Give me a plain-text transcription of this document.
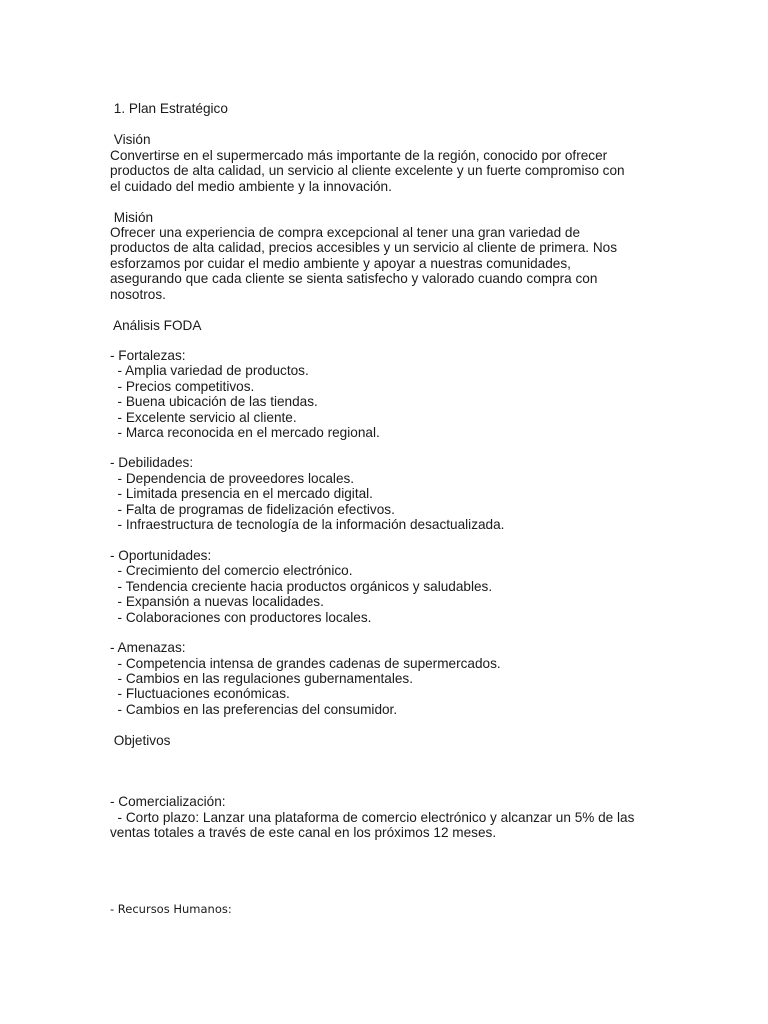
1. Plan Estratégico

Visión

Convertirse en el supermercado más importante de la región, conocido por ofrecer

productos de alta calidad, un servicio al cliente excelente y un fuerte compromiso con

el cuidado del medio ambiente y la innovación.

Misión

Ofrecer una experiencia de compra excepcional al tener una gran variedad de

productos de alta calidad, precios accesibles y un servicio al cliente de primera. Nos

esforzamos por cuidar el medio ambiente y apoyar a nuestras comunidades,

asegurando que cada cliente se sienta satisfecho y valorado cuando compra con

nosotros.

Análisis FODA

- Fortalezas:

- Amplia variedad de productos.

- Precios competitivos.

- Buena ubicación de las tiendas.

- Excelente servicio al cliente.

- Marca reconocida en el mercado regional.

- Debilidades:

- Dependencia de proveedores locales.

- Limitada presencia en el mercado digital.

- Falta de programas de fidelización efectivos.

- Infraestructura de tecnología de la información desactualizada.

- Oportunidades:

- Crecimiento del comercio electrónico.

- Tendencia creciente hacia productos orgánicos y saludables.

- Expansión a nuevas localidades.

- Colaboraciones con productores locales.

- Amenazas:

- Competencia intensa de grandes cadenas de supermercados.

- Cambios en las regulaciones gubernamentales.

- Fluctuaciones económicas.

- Cambios en las preferencias del consumidor.

Objetivos

- Comercialización:

- Corto plazo: Lanzar una plataforma de comercio electrónico y alcanzar un 5% de las

ventas totales a través de este canal en los próximos 12 meses.

- Recursos Humanos:
